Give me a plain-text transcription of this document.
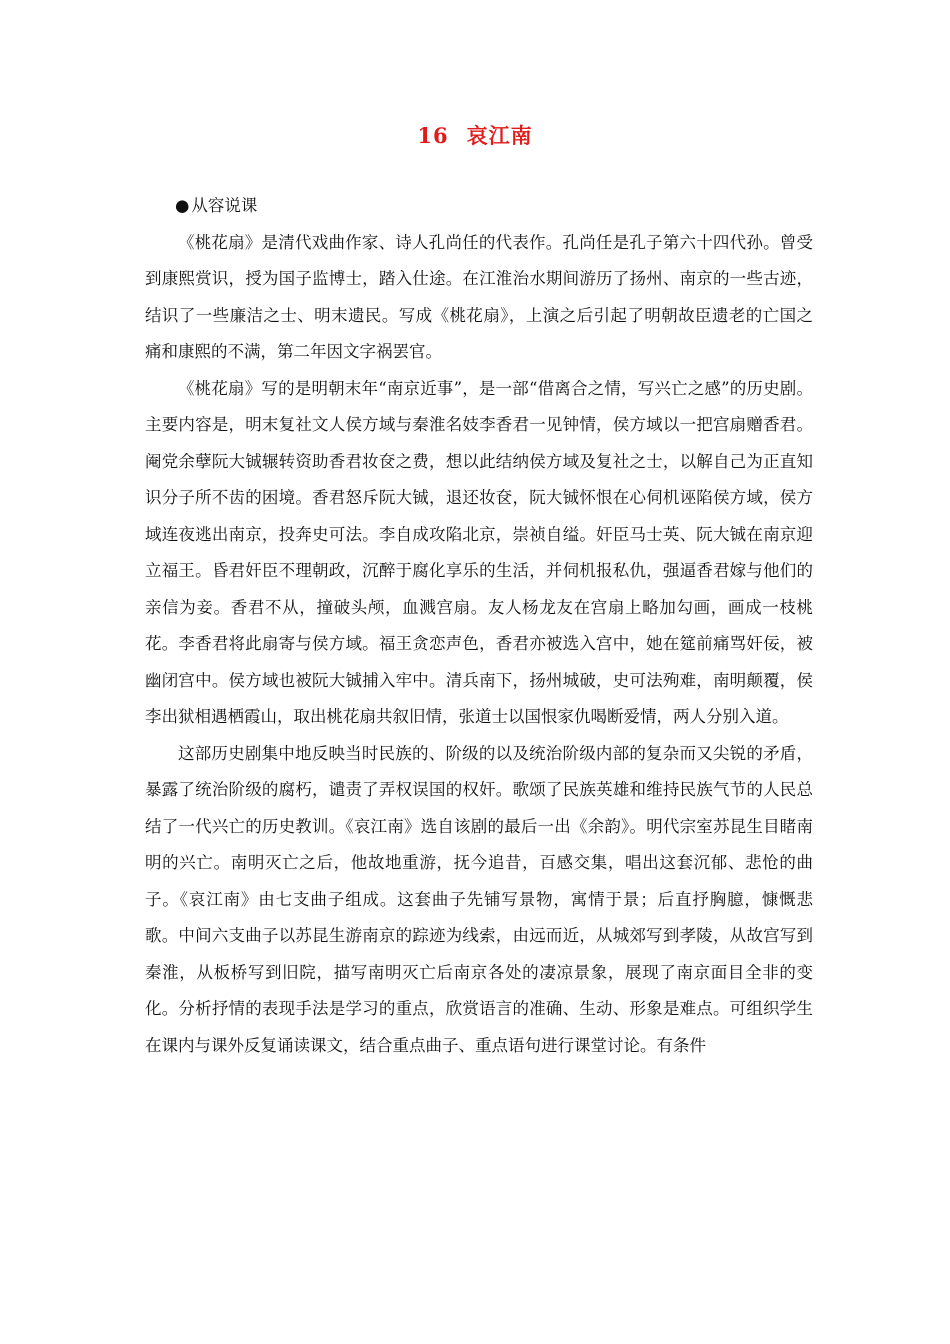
16 哀江南

● 从容说课

《桃花扇》是清代戏曲作家、诗人孔尚任的代表作。孔尚任是孔子第六十四代孙。曾受到康熙赏识，授为国子监博士，踏入仕途。在江淮治水期间游历了扬州、南京的一些古迹，结识了一些廉洁之士、明末遗民。写成《桃花扇》，上演之后引起了明朝故臣遗老的亡国之痛和康熙的不满，第二年因文字祸罢官。

《桃花扇》写的是明朝末年“南京近事”，是一部“借离合之情，写兴亡之感”的历史剧。主要内容是，明末复社文人侯方域与秦淮名妓李香君一见钟情，侯方域以一把宫扇赠香君。阉党余孽阮大铖辗转资助香君妆奁之费，想以此结纳侯方域及复社之士，以解自己为正直知识分子所不齿的困境。香君怒斥阮大铖，退还妆奁，阮大铖怀恨在心伺机诬陷侯方域，侯方域连夜逃出南京，投奔史可法。李自成攻陷北京，崇祯自缢。奸臣马士英、阮大铖在南京迎立福王。昏君奸臣不理朝政，沉醉于腐化享乐的生活，并伺机报私仇，强逼香君嫁与他们的亲信为妾。香君不从，撞破头颅，血溅宫扇。友人杨龙友在宫扇上略加勾画，画成一枝桃花。李香君将此扇寄与侯方域。福王贪恋声色，香君亦被选入宫中，她在筵前痛骂奸佞，被幽闭宫中。侯方域也被阮大铖捕入牢中。清兵南下，扬州城破，史可法殉难，南明颠覆，侯李出狱相遇栖霞山，取出桃花扇共叙旧情，张道士以国恨家仇喝断爱情，两人分别入道。

这部历史剧集中地反映当时民族的、阶级的以及统治阶级内部的复杂而又尖锐的矛盾，暴露了统治阶级的腐朽，谴责了弄权误国的权奸。歌颂了民族英雄和维持民族气节的人民总结了一代兴亡的历史教训。《哀江南》选自该剧的最后一出《余韵》。明代宗室苏昆生目睹南明的兴亡。南明灭亡之后，他故地重游，抚今追昔，百感交集，唱出这套沉郁、悲怆的曲子。《哀江南》由七支曲子组成。这套曲子先铺写景物，寓情于景；后直抒胸臆，慷慨悲歌。中间六支曲子以苏昆生游南京的踪迹为线索，由远而近，从城郊写到孝陵，从故宫写到秦淮，从板桥写到旧院，描写南明灭亡后南京各处的凄凉景象，展现了南京面目全非的变化。分析抒情的表现手法是学习的重点，欣赏语言的准确、生动、形象是难点。可组织学生在课内与课外反复诵读课文，结合重点曲子、重点语句进行课堂讨论。有条件
